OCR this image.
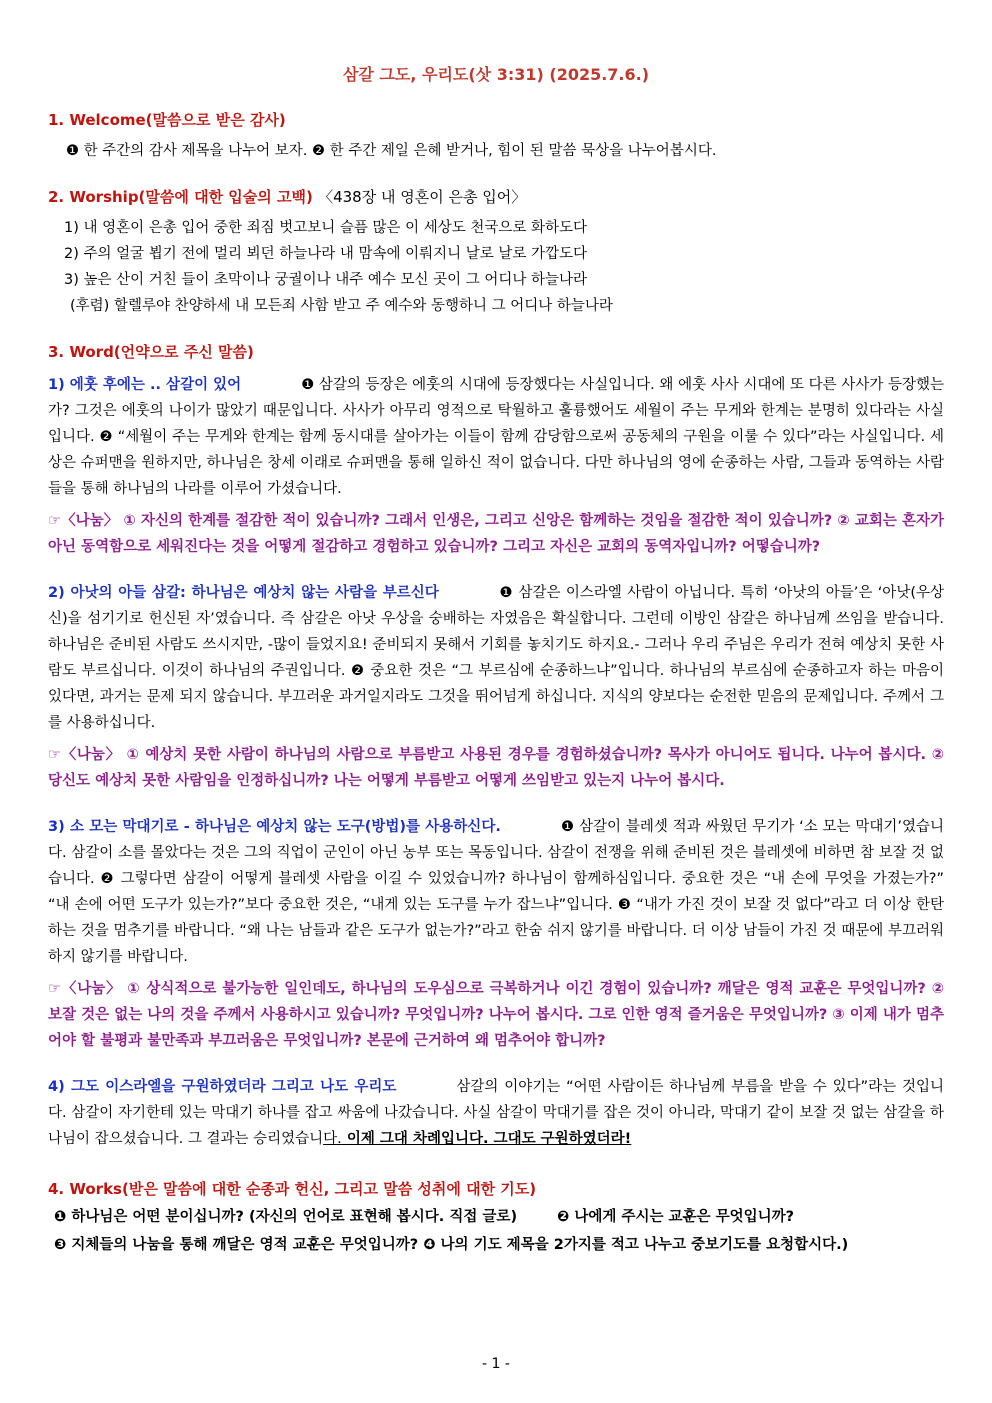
삼갈 그도, 우리도(삿 3:31) (2025.7.6.)
1. Welcome(말씀으로 받은 감사)

❶ 한 주간의 감사 제목을 나누어 보자. ❷ 한 주간 제일 은혜 받거나, 힘이 된 말씀 묵상을 나누어봅시다.

2. Worship(말씀에 대한 입술의 고백) 〈438장 내 영혼이 은총 입어〉

1) 내 영혼이 은총 입어 중한 죄짐 벗고보니 슬픔 많은 이 세상도 천국으로 화하도다

2) 주의 얼굴 뵙기 전에 멀리 뵈던 하늘나라 내 맘속에 이뤄지니 날로 날로 가깝도다

3) 높은 산이 거친 들이 초막이나 궁궐이나 내주 예수 모신 곳이 그 어디나 하늘나라

(후렴) 할렐루야 찬양하세 내 모든죄 사함 받고 주 예수와 동행하니 그 어디나 하늘나라

3. Word(언약으로 주신 말씀)

1) 에훗 후에는 .. 삼갈이 있어	❶ 삼갈의 등장은 에훗의 시대에 등장했다는 사실입니다. 왜 에훗 사사 시대에 또 다른 사사가 등장했는가? 그것은 에훗의 나이가 많았기 때문입니다. 사사가 아무리 영적으로 탁월하고 훌륭했어도 세월이 주는 무게와 한계는 분명히 있다라는 사실입니다. ❷ “세월이 주는 무게와 한계는 함께 동시대를 살아가는 이들이 함께 감당함으로써 공동체의 구원을 이룰 수 있다”라는 사실입니다. 세상은 슈퍼맨을 원하지만, 하나님은 창세 이래로 슈퍼맨을 통해 일하신 적이 없습니다. 다만 하나님의 영에 순종하는 사람, 그들과 동역하는 사람들을 통해 하나님의 나라를 이루어 가셨습니다.

☞〈나눔〉 ① 자신의 한계를 절감한 적이 있습니까? 그래서 인생은, 그리고 신앙은 함께하는 것임을 절감한 적이 있습니까? ② 교회는 혼자가 아닌 동역함으로 세워진다는 것을 어떻게 절감하고 경험하고 있습니까? 그리고 자신은 교회의 동역자입니까? 어떻습니까?

2) 아낫의 아들 삼갈: 하나님은 예상치 않는 사람을 부르신다	❶ 삼갈은 이스라엘 사람이 아닙니다. 특히 ‘아낫의 아들’은 ‘아낫(우상신)을 섬기기로 헌신된 자’였습니다. 즉 삼갈은 아낫 우상을 숭배하는 자였음은 확실합니다. 그런데 이방인 삼갈은 하나님께 쓰임을 받습니다. 하나님은 준비된 사람도 쓰시지만, -많이 들었지요! 준비되지 못해서 기회를 놓치기도 하지요.- 그러나 우리 주님은 우리가 전혀 예상치 못한 사람도 부르십니다. 이것이 하나님의 주권입니다. ❷ 중요한 것은 “그 부르심에 순종하느냐”입니다. 하나님의 부르심에 순종하고자 하는 마음이 있다면, 과거는 문제 되지 않습니다. 부끄러운 과거일지라도 그것을 뛰어넘게 하십니다. 지식의 양보다는 순전한 믿음의 문제입니다. 주께서 그를 사용하십니다.

☞〈나눔〉 ① 예상치 못한 사람이 하나님의 사람으로 부름받고 사용된 경우를 경험하셨습니까? 목사가 아니어도 됩니다. 나누어 봅시다. ② 당신도 예상치 못한 사람임을 인정하십니까? 나는 어떻게 부름받고 어떻게 쓰임받고 있는지 나누어 봅시다.

3) 소 모는 막대기로 - 하나님은 예상치 않는 도구(방법)를 사용하신다.	❶ 삼갈이 블레셋 적과 싸웠던 무기가 ‘소 모는 막대기’였습니다. 삼갈이 소를 몰았다는 것은 그의 직업이 군인이 아닌 농부 또는 목동입니다. 삼갈이 전쟁을 위해 준비된 것은 블레셋에 비하면 참 보잘 것 없습니다. ❷ 그렇다면 삼갈이 어떻게 블레셋 사람을 이길 수 있었습니까? 하나님이 함께하심입니다. 중요한 것은 “내 손에 무엇을 가졌는가?” “내 손에 어떤 도구가 있는가?”보다 중요한 것은, “내게 있는 도구를 누가 잡느냐”입니다. ❸ “내가 가진 것이 보잘 것 없다”라고 더 이상 한탄하는 것을 멈추기를 바랍니다. “왜 나는 남들과 같은 도구가 없는가?”라고 한숨 쉬지 않기를 바랍니다. 더 이상 남들이 가진 것 때문에 부끄러워하지 않기를 바랍니다.

☞〈나눔〉 ① 상식적으로 불가능한 일인데도, 하나님의 도우심으로 극복하거나 이긴 경험이 있습니까? 깨달은 영적 교훈은 무엇입니까? ② 보잘 것은 없는 나의 것을 주께서 사용하시고 있습니까? 무엇입니까? 나누어 봅시다. 그로 인한 영적 즐거움은 무엇입니까? ③ 이제 내가 멈추어야 할 불평과 불만족과 부끄러움은 무엇입니까? 본문에 근거하여 왜 멈추어야 합니까?

4) 그도 이스라엘을 구원하였더라 그리고 나도 우리도	삼갈의 이야기는 “어떤 사람이든 하나님께 부름을 받을 수 있다”라는 것입니다. 삼갈이 자기한테 있는 막대기 하나를 잡고 싸움에 나갔습니다. 사실 삼갈이 막대기를 잡은 것이 아니라, 막대기 같이 보잘 것 없는 삼갈을 하나님이 잡으셨습니다. 그 결과는 승리였습니다. 이제 그대 차례입니다. 그대도 구원하였더라!

4. Works(받은 말씀에 대한 순종과 헌신, 그리고 말씀 성취에 대한 기도)

❶ 하나님은 어떤 분이십니까? (자신의 언어로 표현해 봅시다. 직접 글로)	❷ 나에게 주시는 교훈은 무엇입니까?

❸ 지체들의 나눔을 통해 깨달은 영적 교훈은 무엇입니까? ❹ 나의 기도 제목을 2가지를 적고 나누고 중보기도를 요청합시다.)

- 1 -
